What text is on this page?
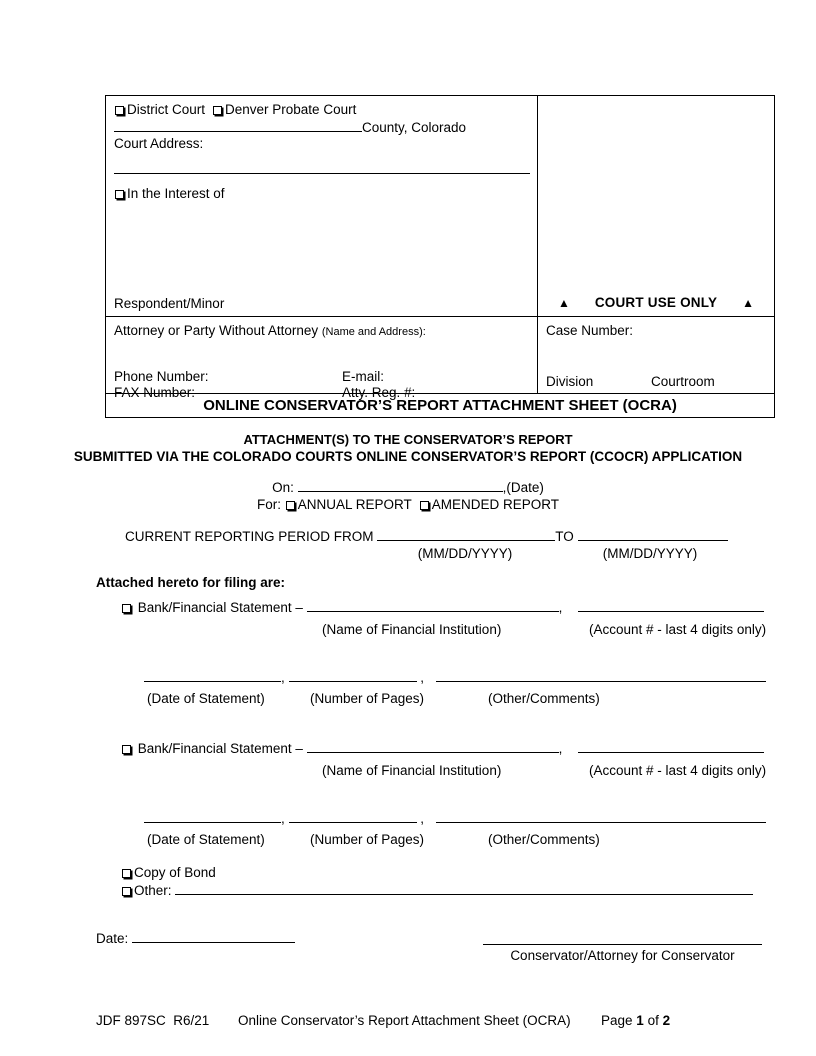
District Court Denver Probate Court
County, Colorado
Court Address:
In the Interest of
Respondent/Minor	▲ COURT USE ONLY ▲
Attorney or Party Without Attorney (Name and Address):
Phone Number:	E-mail:
FAX Number:	Atty. Reg. #:
Case Number:
Division	Courtroom
ONLINE CONSERVATOR’S REPORT ATTACHMENT SHEET (OCRA)
ATTACHMENT(S) TO THE CONSERVATOR’S REPORT
SUBMITTED VIA THE COLORADO COURTS ONLINE CONSERVATOR’S REPORT (CCOCR) APPLICATION
On:	,(Date)
For: ANNUAL REPORT AMENDED REPORT
CURRENT REPORTING PERIOD FROM	TO
(MM/DD/YYYY)	(MM/DD/YYYY)
Attached hereto for filing are:
Bank/Financial Statement –	,
(Name of Financial Institution)	(Account # - last 4 digits only)
,	,
(Date of Statement)	(Number of Pages)	(Other/Comments)
Bank/Financial Statement –	,
(Name of Financial Institution)	(Account # - last 4 digits only)
,	,
(Date of Statement)	(Number of Pages)	(Other/Comments)
Copy of Bond
Other:
Date:
Conservator/Attorney for Conservator
JDF 897SC  R6/21 Online Conservator’s Report Attachment Sheet (OCRA) Page 1 of 2
